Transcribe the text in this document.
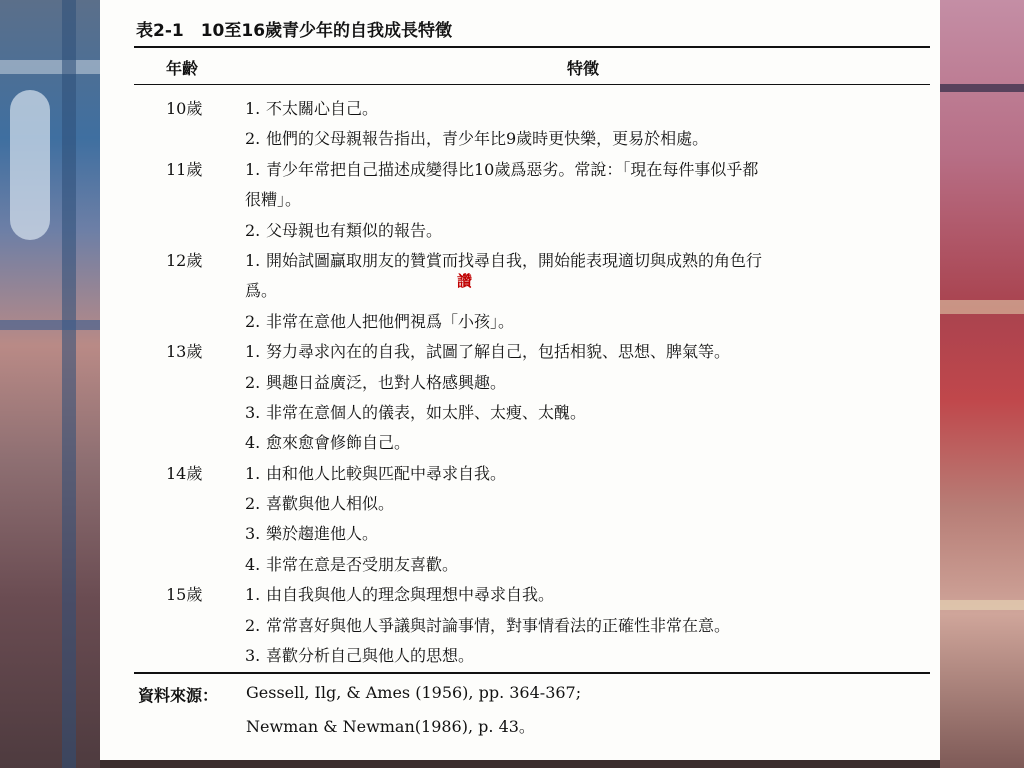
表2-1　10至16歲青少年的自我成長特徵
年齡	特徵
10歲	1. 不太關心自己。
2. 他們的父母親報告指出，青少年比9歲時更快樂，更易於相處。
11歲	1. 青少年常把自己描述成變得比10歲爲惡劣。常說：「現在每件事似乎都
很糟」。
2. 父母親也有類似的報告。
12歲	1. 開始試圖贏取朋友的贊賞而找尋自我，開始能表現適切與成熟的角色行
爲。
2. 非常在意他人把他們視爲「小孩」。
13歲	1. 努力尋求內在的自我，試圖了解自己，包括相貌、思想、脾氣等。
2. 興趣日益廣泛，也對人格感興趣。
3. 非常在意個人的儀表，如太胖、太瘦、太醜。
4. 愈來愈會修飾自己。
14歲	1. 由和他人比較與匹配中尋求自我。
2. 喜歡與他人相似。
3. 樂於趨進他人。
4. 非常在意是否受朋友喜歡。
15歲	1. 由自我與他人的理念與理想中尋求自我。
2. 常常喜好與他人爭議與討論事情，對事情看法的正確性非常在意。
3. 喜歡分析自己與他人的思想。
讚
資料來源： Gessell, Ilg, & Ames (1956), pp. 364-367;
Newman & Newman(1986), p. 43。
